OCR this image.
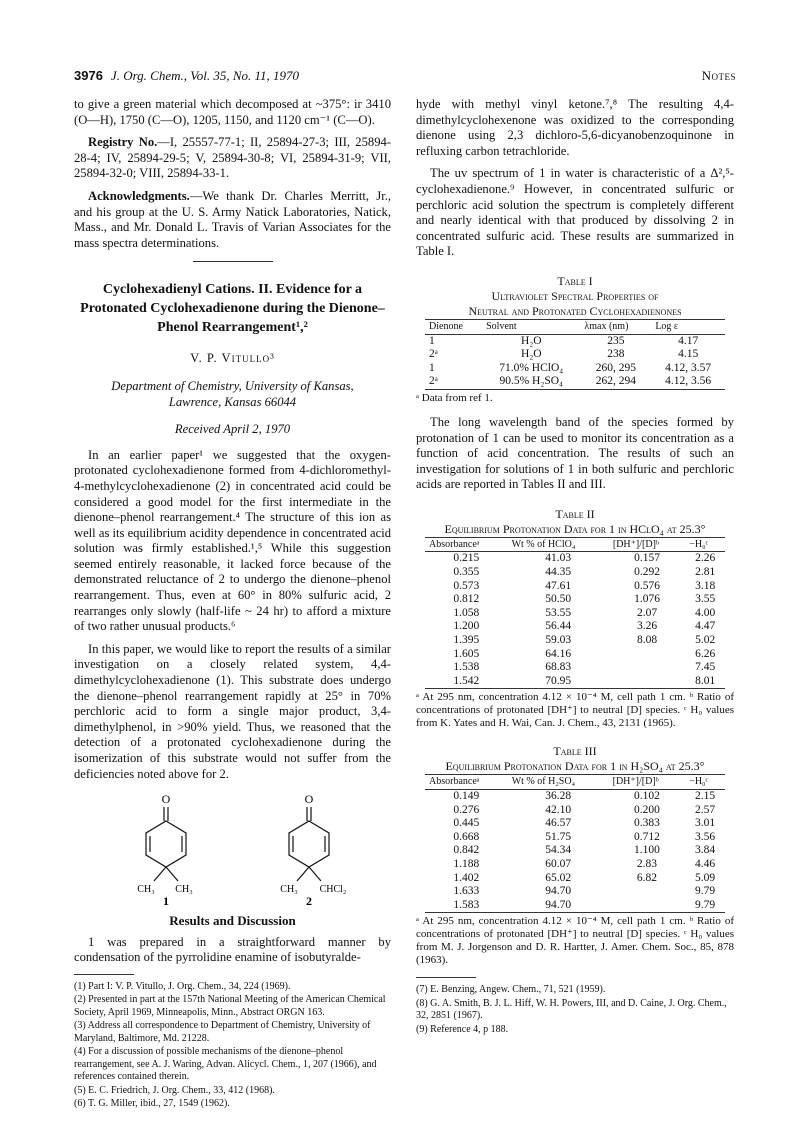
3976 J. Org. Chem., Vol. 35, No. 11, 1970	Notes

to give a green material which decomposed at ~375°: ir 3410 (O—H), 1750 (C—O), 1205, 1150, and 1120 cm⁻¹ (C—O).

Registry No.—I, 25557-77-1; II, 25894-27-3; III, 25894-28-4; IV, 25894-29-5; V, 25894-30-8; VI, 25894-31-9; VII, 25894-32-0; VIII, 25894-33-1.

Acknowledgments.—We thank Dr. Charles Merritt, Jr., and his group at the U. S. Army Natick Laboratories, Natick, Mass., and Mr. Donald L. Travis of Varian Associates for the mass spectra determinations.

Cyclohexadienyl Cations. II. Evidence for a Protonated Cyclohexadienone during the Dienone–Phenol Rearrangement¹,²

V. P. Vitullo³

Department of Chemistry, University of Kansas,
Lawrence, Kansas 66044

Received April 2, 1970

In an earlier paper¹ we suggested that the oxygen-protonated cyclohexadienone formed from 4-dichloromethyl-4-methylcyclohexadienone (2) in concentrated acid could be considered a good model for the first intermediate in the dienone–phenol rearrangement.⁴ The structure of this ion as well as its equilibrium acidity dependence in concentrated acid solution was firmly established.¹,⁵ While this suggestion seemed entirely reasonable, it lacked force because of the demonstrated reluctance of 2 to undergo the dienone–phenol rearrangement. Thus, even at 60° in 80% sulfuric acid, 2 rearranges only slowly (half-life ~ 24 hr) to afford a mixture of two rather unusual products.⁶

In this paper, we would like to report the results of a similar investigation on a closely related system, 4,4-dimethylcyclohexadienone (1). This substrate does undergo the dienone–phenol rearrangement rapidly at 25° in 70% perchloric acid to form a single major product, 3,4-dimethylphenol, in >90% yield. Thus, we reasoned that the detection of a protonated cyclohexadienone during the isomerization of this substrate would not suffer from the deficiencies noted above for 2.

O
CH₃ CH₃
1
O
CH₃ CHCl₂
2
Results and Discussion

1 was prepared in a straightforward manner by condensation of the pyrrolidine enamine of isobutyralde-

(1) Part I: V. P. Vitullo, J. Org. Chem., 34, 224 (1969).

(2) Presented in part at the 157th National Meeting of the American Chemical Society, April 1969, Minneapolis, Minn., Abstract ORGN 163.

(3) Address all correspondence to Department of Chemistry, University of Maryland, Baltimore, Md. 21228.

(4) For a discussion of possible mechanisms of the dienone–phenol rearrangement, see A. J. Waring, Advan. Alicycl. Chem., 1, 207 (1966), and references contained therein.

(5) E. C. Friedrich, J. Org. Chem., 33, 412 (1968).

(6) T. G. Miller, ibid., 27, 1549 (1962).

hyde with methyl vinyl ketone.⁷,⁸ The resulting 4,4-dimethylcyclohexenone was oxidized to the corresponding dienone using 2,3 dichloro-5,6-dicyanobenzoquinone in refluxing carbon tetrachloride.

The uv spectrum of 1 in water is characteristic of a Δ²,⁵-cyclohexadienone.⁹ However, in concentrated sulfuric or perchloric acid solution the spectrum is completely different and nearly identical with that produced by dissolving 2 in concentrated sulfuric acid. These results are summarized in Table I.

Table I

Ultraviolet Spectral Properties of

Neutral and Protonated Cyclohexadienones

Dienone	Solvent	λmax (nm)	Log ε
1	H₂O	235	4.17
2ᵃ	H₂O	238	4.15
1	71.0% HClO₄	260, 295	4.12, 3.57
2ᵃ	90.5% H₂SO₄	262, 294	4.12, 3.56

ᵃ Data from ref 1.

The long wavelength band of the species formed by protonation of 1 can be used to monitor its concentration as a function of acid concentration. The results of such an investigation for solutions of 1 in both sulfuric and perchloric acids are reported in Tables II and III.

Table II

Equilibrium Protonation Data for 1 in HClO₄ at 25.3°

Absorbanceᵃ	Wt % of HClO₄	[DH⁺]/[D]ᵇ	−H₀ᶜ
0.215	41.03	0.157	2.26
0.355	44.35	0.292	2.81
0.573	47.61	0.576	3.18
0.812	50.50	1.076	3.55
1.058	53.55	2.07	4.00
1.200	56.44	3.26	4.47
1.395	59.03	8.08	5.02
1.605	64.16		6.26
1.538	68.83		7.45
1.542	70.95		8.01

ᵃ At 295 nm, concentration 4.12 × 10⁻⁴ M, cell path 1 cm. ᵇ Ratio of concentrations of protonated [DH⁺] to neutral [D] species. ᶜ H₀ values from K. Yates and H. Wai, Can. J. Chem., 43, 2131 (1965).

Table III

Equilibrium Protonation Data for 1 in H₂SO₄ at 25.3°

Absorbanceᵃ	Wt % of H₂SO₄	[DH⁺]/[D]ᵇ	−H₀ᶜ
0.149	36.28	0.102	2.15
0.276	42.10	0.200	2.57
0.445	46.57	0.383	3.01
0.668	51.75	0.712	3.56
0.842	54.34	1.100	3.84
1.188	60.07	2.83	4.46
1.402	65.02	6.82	5.09
1.633	94.70		9.79
1.583	94.70		9.79

ᵃ At 295 nm, concentration 4.12 × 10⁻⁴ M, cell path 1 cm. ᵇ Ratio of concentrations of protonated [DH⁺] to neutral [D] species. ᶜ H₀ values from M. J. Jorgenson and D. R. Hartter, J. Amer. Chem. Soc., 85, 878 (1963).

(7) E. Benzing, Angew. Chem., 71, 521 (1959).

(8) G. A. Smith, B. J. L. Hiff, W. H. Powers, III, and D. Caine, J. Org. Chem., 32, 2851 (1967).

(9) Reference 4, p 188.
